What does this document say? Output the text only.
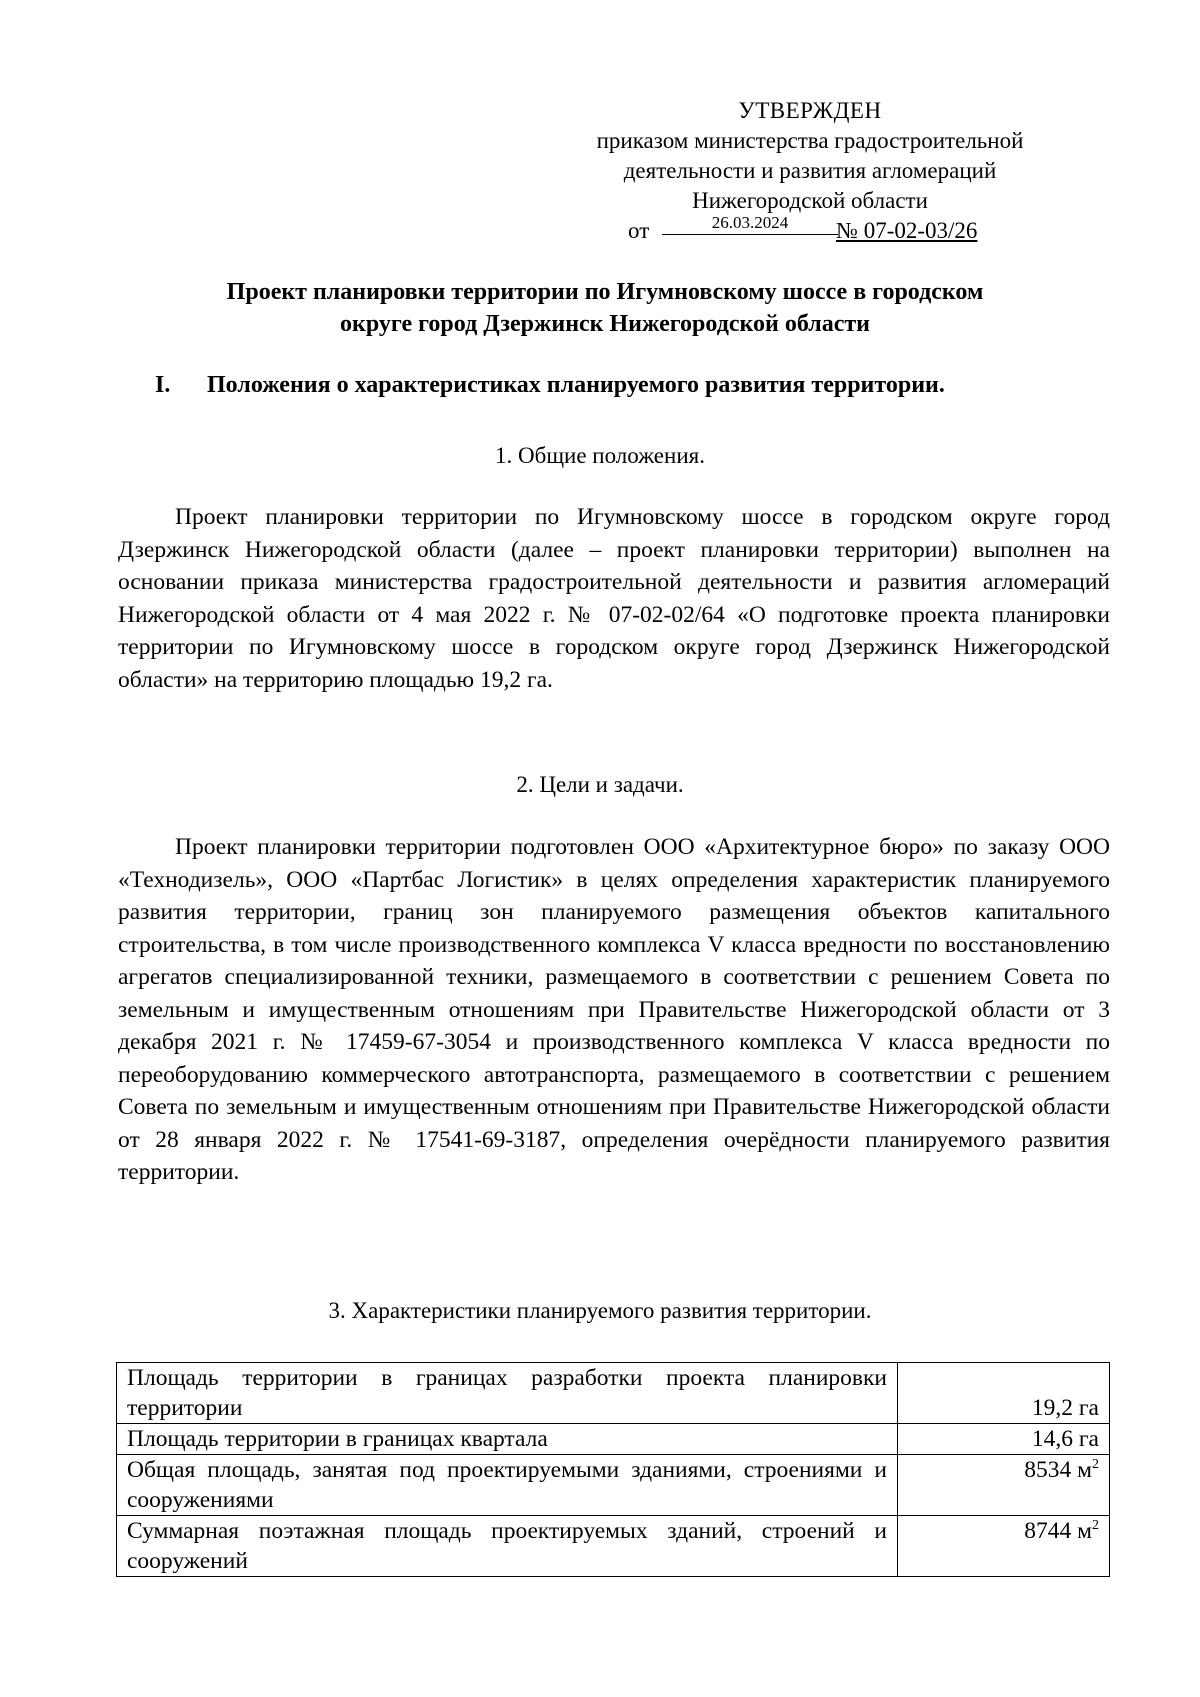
УТВЕРЖДЕН
приказом министерства градостроительной
деятельности и развития агломераций
Нижегородской области
от	26.03.2024	№ 07-02-03/26
Проект планировки территории по Игумновскому шоссе в городском
округе город Дзержинск Нижегородской области
I. Положения о характеристиках планируемого развития территории.
1. Общие положения.
Проект планировки территории по Игумновскому шоссе в городском округе город Дзержинск Нижегородской области (далее – проект планировки территории) выполнен на основании приказа министерства градостроительной деятельности и развития агломераций Нижегородской области от 4 мая 2022 г. № 07-02-02/64 «О подготовке проекта планировки территории по Игумновскому шоссе в городском округе город Дзержинск Нижегородской области» на территорию площадью 19,2 га.
2. Цели и задачи.
Проект планировки территории подготовлен ООО «Архитектурное бюро» по заказу ООО «Технодизель», ООО «Партбас Логистик» в целях определения характеристик планируемого развития территории, границ зон планируемого размещения объектов капитального строительства, в том числе производственного комплекса V класса вредности по восстановлению агрегатов специализированной техники, размещаемого в соответствии с решением Совета по земельным и имущественным отношениям при Правительстве Нижегородской области от 3 декабря 2021 г. № 17459-67-3054 и производственного комплекса V класса вредности по переоборудованию коммерческого автотранспорта, размещаемого в соответствии с решением Совета по земельным и имущественным отношениям при Правительстве Нижегородской области от 28 января 2022 г. № 17541-69-3187, определения очерёдности планируемого развития территории.
3. Характеристики планируемого развития территории.
Площадь территории в границах разработки проекта планировки территории	19,2 га
Площадь территории в границах квартала	14,6 га
Общая площадь, занятая под проектируемыми зданиями, строениями и сооружениями	8534 $м^2$
Суммарная поэтажная площадь проектируемых зданий, строений и сооружений	8744 $м^2$
